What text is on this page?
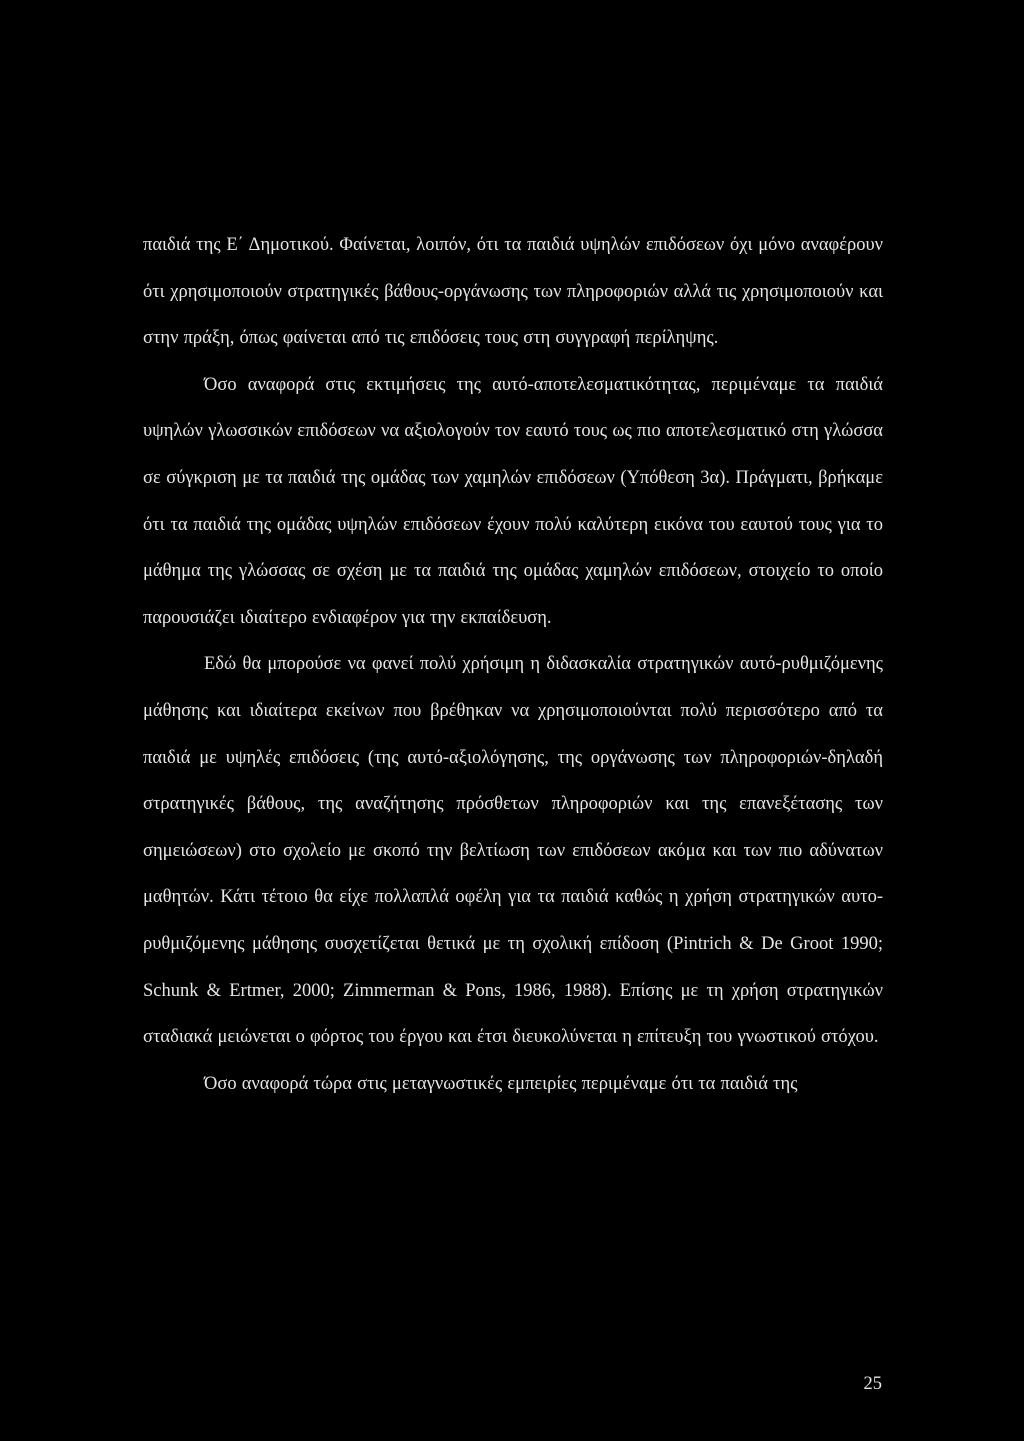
παιδιά της Ε΄ Δημοτικού. Φαίνεται, λοιπόν, ότι τα παιδιά υψηλών επιδόσεων όχι μόνο αναφέρουν ότι χρησιμοποιούν στρατηγικές βάθους-οργάνωσης των πληροφοριών αλλά τις χρησιμοποιούν και στην πράξη, όπως φαίνεται από τις επιδόσεις τους στη συγγραφή περίληψης.

Όσο αναφορά στις εκτιμήσεις της αυτό-αποτελεσματικότητας, περιμέναμε τα παιδιά υψηλών γλωσσικών επιδόσεων να αξιολογούν τον εαυτό τους ως πιο αποτελεσματικό στη γλώσσα σε σύγκριση με τα παιδιά της ομάδας των χαμηλών επιδόσεων (Υπόθεση 3α). Πράγματι, βρήκαμε ότι τα παιδιά της ομάδας υψηλών επιδόσεων έχουν πολύ καλύτερη εικόνα του εαυτού τους για το μάθημα της γλώσσας σε σχέση με τα παιδιά της ομάδας χαμηλών επιδόσεων, στοιχείο το οποίο παρουσιάζει ιδιαίτερο ενδιαφέρον για την εκπαίδευση.

Εδώ θα μπορούσε να φανεί πολύ χρήσιμη η διδασκαλία στρατηγικών αυτό-ρυθμιζόμενης μάθησης και ιδιαίτερα εκείνων που βρέθηκαν να χρησιμοποιούνται πολύ περισσότερο από τα παιδιά με υψηλές επιδόσεις (της αυτό-αξιολόγησης, της οργάνωσης των πληροφοριών-δηλαδή στρατηγικές βάθους, της αναζήτησης πρόσθετων πληροφοριών και της επανεξέτασης των σημειώσεων) στο σχολείο με σκοπό την βελτίωση των επιδόσεων ακόμα και των πιο αδύνατων μαθητών. Κάτι τέτοιο θα είχε πολλαπλά οφέλη για τα παιδιά καθώς η χρήση στρατηγικών αυτο-ρυθμιζόμενης μάθησης συσχετίζεται θετικά με τη σχολική επίδοση (Pintrich & De Groot 1990; Schunk & Ertmer, 2000; Zimmerman & Pons, 1986, 1988). Επίσης με τη χρήση στρατηγικών σταδιακά μειώνεται ο φόρτος του έργου και έτσι διευκολύνεται η επίτευξη του γνωστικού στόχου.

Όσο αναφορά τώρα στις μεταγνωστικές εμπειρίες περιμέναμε ότι τα παιδιά της

25
